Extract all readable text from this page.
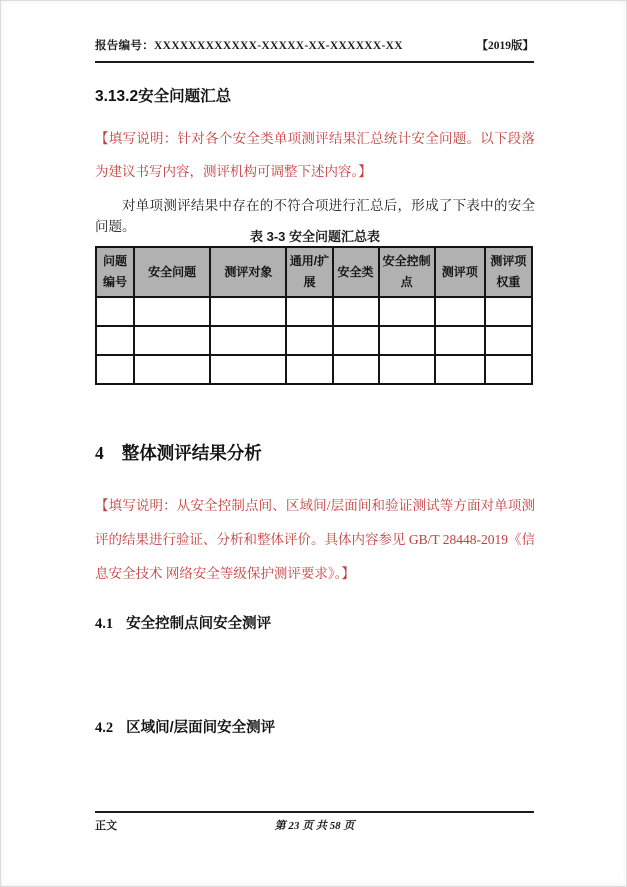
报告编号：XXXXXXXXXXXX-XXXXX-XX-XXXXXX-XX	【2019版】
3.13.2安全问题汇总
【填写说明：针对各个安全类单项测评结果汇总统计安全问题。以下段落为建议书写内容，测评机构可调整下述内容。】
对单项测评结果中存在的不符合项进行汇总后，形成了下表中的安全问题。
表 3-3 安全问题汇总表
问题编号	安全问题	测评对象	通用/扩展	安全类	安全控制点	测评项	测评项权重

4 整体测评结果分析
【填写说明：从安全控制点间、区域间/层面间和验证测试等方面对单项测评的结果进行验证、分析和整体评价。具体内容参见 GB/T 28448-2019《信息安全技术 网络安全等级保护测评要求》。】
4.1 安全控制点间安全测评
4.2 区域间/层面间安全测评
正文	第 23 页 共 58 页
